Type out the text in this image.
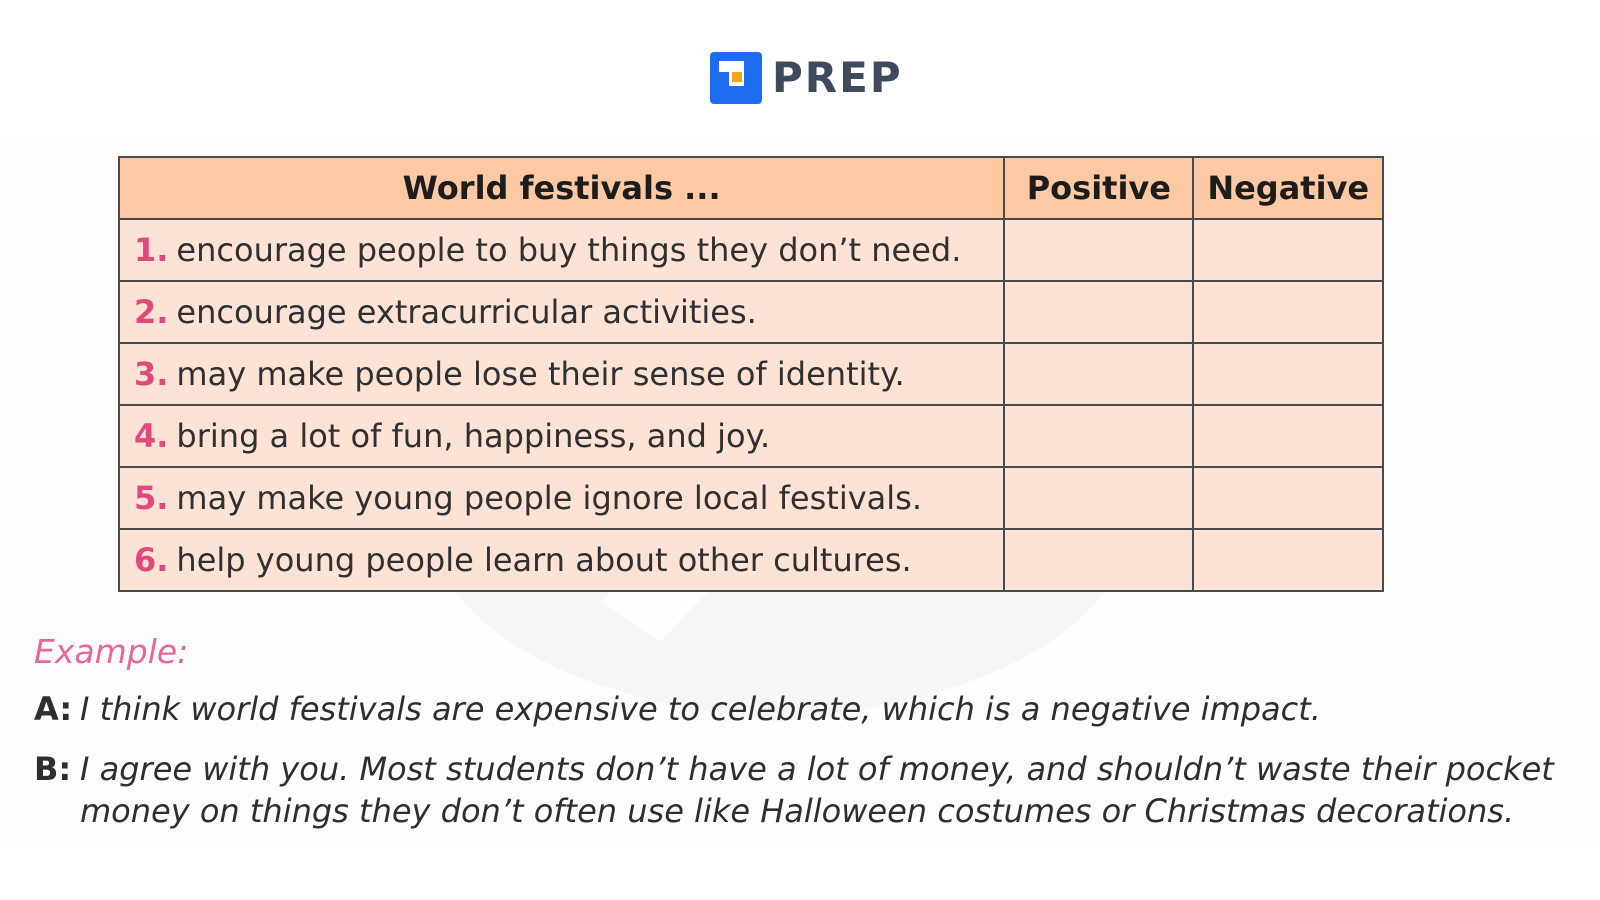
PREP
World festivals ...	Positive	Negative
1. encourage people to buy things they don’t need.		
2. encourage extracurricular activities.		
3. may make people lose their sense of identity.		
4. bring a lot of fun, happiness, and joy.		
5. may make young people ignore local festivals.		
6. help young people learn about other cultures.		
Example:
A: I think world festivals are expensive to celebrate, which is a negative impact.
B: I agree with you. Most students don’t have a lot of money, and shouldn’t waste their pocket money on things they don’t often use like Halloween costumes or Christmas decorations.
